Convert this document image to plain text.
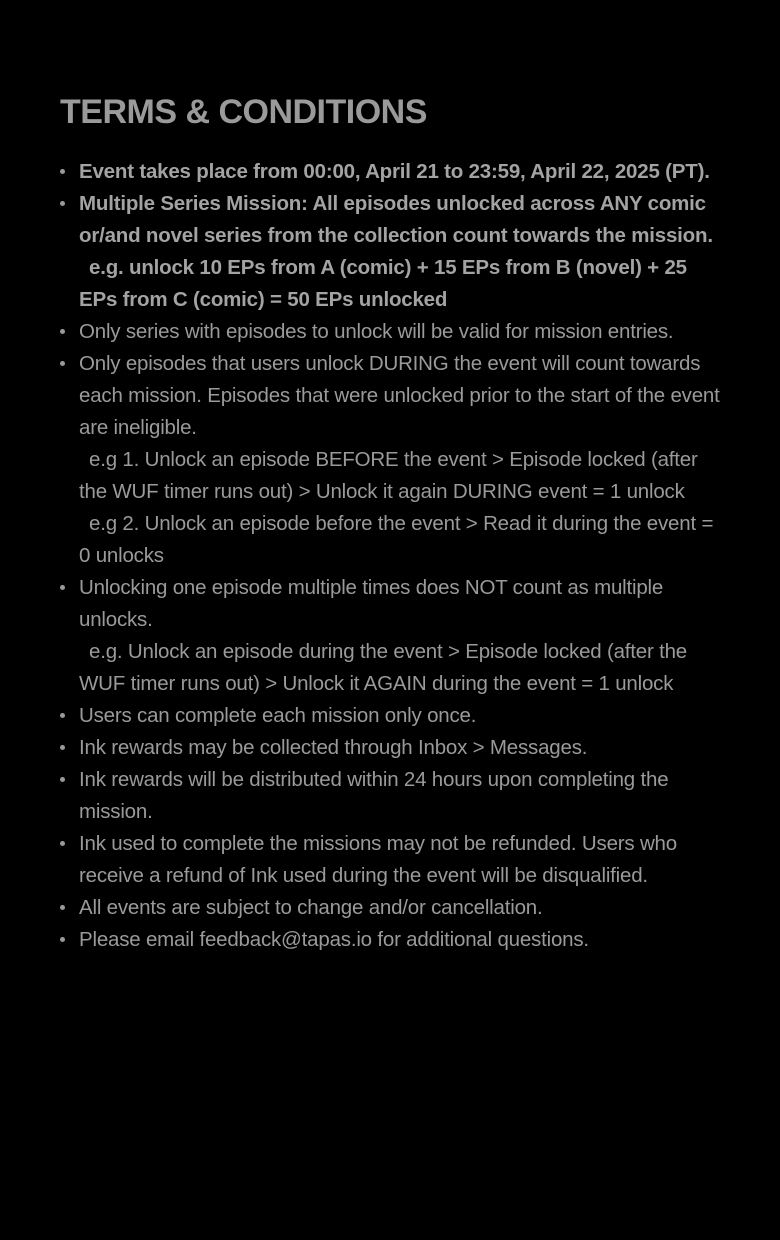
TERMS & CONDITIONS
Event takes place from 00:00, April 21 to 23:59, April 22, 2025 (PT).
Multiple Series Mission: All episodes unlocked across ANY comic or/and novel series from the collection count towards the mission.
e.g. unlock 10 EPs from A (comic) + 15 EPs from B (novel) + 25 EPs from C (comic) = 50 EPs unlocked
Only series with episodes to unlock will be valid for mission entries.
Only episodes that users unlock DURING the event will count towards each mission. Episodes that were unlocked prior to the start of the event are ineligible.
e.g 1. Unlock an episode BEFORE the event > Episode locked (after the WUF timer runs out) > Unlock it again DURING event = 1 unlock
e.g 2. Unlock an episode before the event > Read it during the event = 0 unlocks
Unlocking one episode multiple times does NOT count as multiple unlocks.
e.g. Unlock an episode during the event > Episode locked (after the WUF timer runs out) > Unlock it AGAIN during the event = 1 unlock
Users can complete each mission only once.
Ink rewards may be collected through Inbox > Messages.
Ink rewards will be distributed within 24 hours upon completing the mission.
Ink used to complete the missions may not be refunded. Users who receive a refund of Ink used during the event will be disqualified.
All events are subject to change and/or cancellation.
Please email feedback@tapas.io for additional questions.
